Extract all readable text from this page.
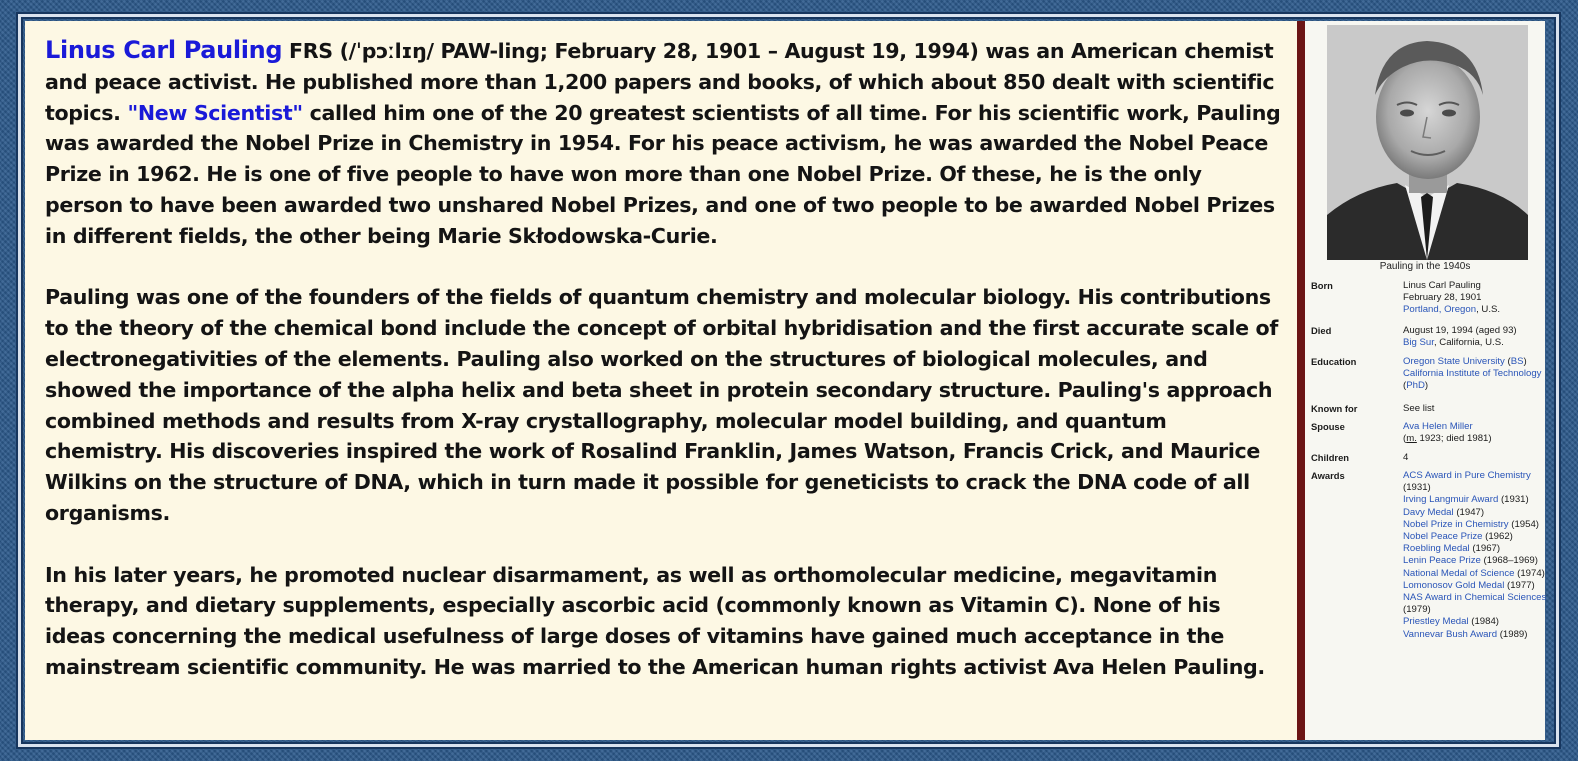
Linus Carl Pauling FRS (/ˈpɔːlɪŋ/ PAW-ling; February 28, 1901 – August 19, 1994) was an American chemist and peace activist. He published more than 1,200 papers and books, of which about 850 dealt with scientific topics. "New Scientist" called him one of the 20 greatest scientists of all time. For his scientific work, Pauling was awarded the Nobel Prize in Chemistry in 1954. For his peace activism, he was awarded the Nobel Peace Prize in 1962. He is one of five people to have won more than one Nobel Prize. Of these, he is the only person to have been awarded two unshared Nobel Prizes, and one of two people to be awarded Nobel Prizes in different fields, the other being Marie Skłodowska-Curie.

Pauling was one of the founders of the fields of quantum chemistry and molecular biology. His contributions to the theory of the chemical bond include the concept of orbital hybridisation and the first accurate scale of electronegativities of the elements. Pauling also worked on the structures of biological molecules, and showed the importance of the alpha helix and beta sheet in protein secondary structure. Pauling's approach combined methods and results from X-ray crystallography, molecular model building, and quantum chemistry. His discoveries inspired the work of Rosalind Franklin, James Watson, Francis Crick, and Maurice Wilkins on the structure of DNA, which in turn made it possible for geneticists to crack the DNA code of all organisms.

In his later years, he promoted nuclear disarmament, as well as orthomolecular medicine, megavitamin therapy, and dietary supplements, especially ascorbic acid (commonly known as Vitamin C). None of his ideas concerning the medical usefulness of large doses of vitamins have gained much acceptance in the mainstream scientific community. He was married to the American human rights activist Ava Helen Pauling.

Pauling in the 1940s
Born	Linus Carl Pauling
February 28, 1901
Portland, Oregon, U.S.
Died	August 19, 1994 (aged 93)
Big Sur, California, U.S.
Education	Oregon State University (BS)
California Institute of Technology (PhD)
Known for	See list
Spouse	Ava Helen Miller
(m. 1923; died 1981)
Children	4
Awards	ACS Award in Pure Chemistry (1931)
Irving Langmuir Award (1931)
Davy Medal (1947)
Nobel Prize in Chemistry (1954)
Nobel Peace Prize (1962)
Roebling Medal (1967)
Lenin Peace Prize (1968–1969)
National Medal of Science (1974)
Lomonosov Gold Medal (1977)
NAS Award in Chemical Sciences (1979)
Priestley Medal (1984)
Vannevar Bush Award (1989)
